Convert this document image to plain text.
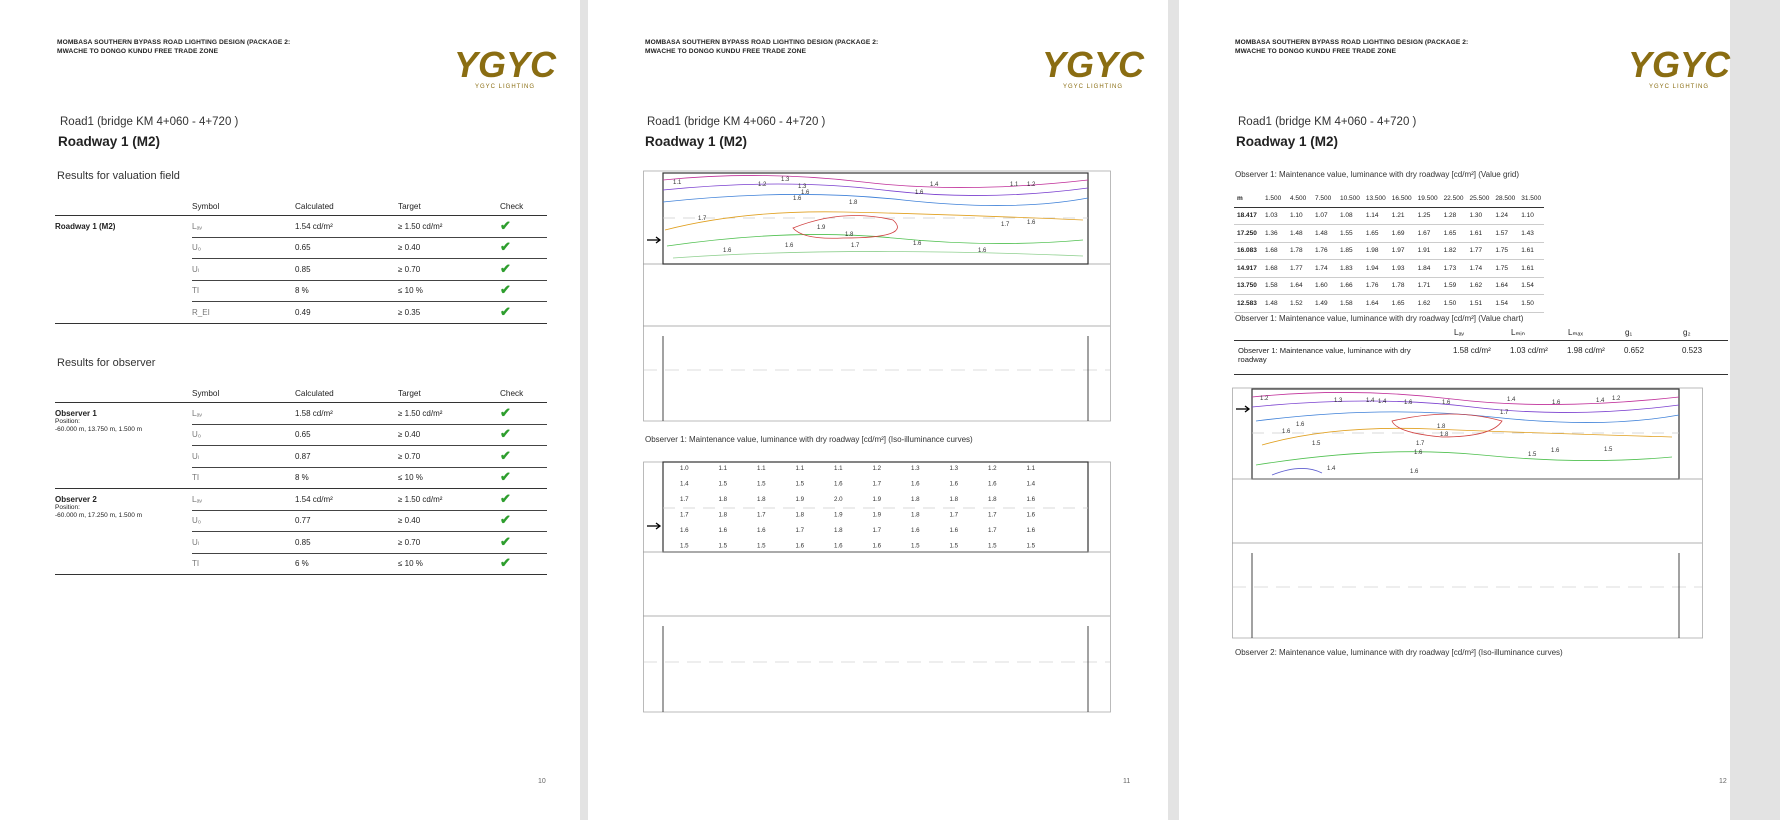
MOMBASA SOUTHERN BYPASS ROAD LIGHTING DESIGN (PACKAGE 2:
MWACHE TO DONGO KUNDU FREE TRADE ZONE	YGYC
YGYC LIGHTING
Road1 (bridge KM 4+060 - 4+720 )
Roadway 1 (M2)
Results for valuation field
	Symbol	Calculated	Target	Check
Roadway 1 (M2)	Lₐᵥ	1.54 cd/m²	≥ 1.50 cd/m²	✔
	U₀	0.65	≥ 0.40	✔
	Uₗ	0.85	≥ 0.70	✔
	TI	8 %	≤ 10 %	✔
	R_EI	0.49	≥ 0.35	✔
Results for observer
	Symbol	Calculated	Target	Check

Observer 1
Position:
-60.000 m, 13.750 m, 1.500 m	Lₐᵥ	1.58 cd/m²	≥ 1.50 cd/m²	✔
	U₀	0.65	≥ 0.40	✔
	Uₗ	0.87	≥ 0.70	✔
	TI	8 %	≤ 10 %	✔

Observer 2
Position:
-60.000 m, 17.250 m, 1.500 m	Lₐᵥ	1.54 cd/m²	≥ 1.50 cd/m²	✔
	U₀	0.77	≥ 0.40	✔
	Uₗ	0.85	≥ 0.70	✔
	TI	6 %	≤ 10 %	✔
10
MOMBASA SOUTHERN BYPASS ROAD LIGHTING DESIGN (PACKAGE 2:
MWACHE TO DONGO KUNDU FREE TRADE ZONE	YGYC
YGYC LIGHTING
Road1 (bridge KM 4+060 - 4+720 )
Roadway 1 (M2)
1.1	1.2
1.3
1.3	1.4
1.6
1.6
1.1 1.2
1.6
1.8
1.7
1.9
1.8
1.6
1.7
1.7
1.6
1.6	1.6
1.6
Observer 1: Maintenance value, luminance with dry roadway [cd/m²] (Iso-illuminance curves)
1.0	1.1	1.1	1.1	1.1	1.2	1.3	1.3	1.2	1.1
1.4	1.5	1.5	1.5	1.6	1.7	1.6	1.6	1.6	1.4
1.7	1.8	1.8	1.9	2.0	1.9	1.8	1.8	1.8	1.6
1.7	1.8	1.7	1.8	1.9	1.9	1.8	1.7	1.7	1.6
1.6	1.6	1.6	1.7	1.8	1.7	1.6	1.6	1.7	1.6
1.5	1.5	1.5	1.6	1.6	1.6	1.5	1.5	1.5	1.5
11
MOMBASA SOUTHERN BYPASS ROAD LIGHTING DESIGN (PACKAGE 2:
MWACHE TO DONGO KUNDU FREE TRADE ZONE	YGYC
YGYC LIGHTING
Road1 (bridge KM 4+060 - 4+720 )
Roadway 1 (M2)
Observer 1: Maintenance value, luminance with dry roadway [cd/m²] (Value grid)
m	1.500	4.500	7.500	10.500	13.500	16.500	19.500	22.500	25.500	28.500	31.500
18.417	1.03	1.10	1.07	1.08	1.14	1.21	1.25	1.28	1.30	1.24	1.10
17.250	1.36	1.48	1.48	1.55	1.65	1.69	1.67	1.65	1.61	1.57	1.43
16.083	1.68	1.78	1.76	1.85	1.98	1.97	1.91	1.82	1.77	1.75	1.61
14.917	1.68	1.77	1.74	1.83	1.94	1.93	1.84	1.73	1.74	1.75	1.61
13.750	1.58	1.64	1.60	1.66	1.76	1.78	1.71	1.59	1.62	1.64	1.54
12.583	1.48	1.52	1.49	1.58	1.64	1.65	1.62	1.50	1.51	1.54	1.50
Observer 1: Maintenance value, luminance with dry roadway [cd/m²] (Value chart)
	Lₐᵥ	Lₘᵢₙ	Lₘₐₓ	g₁	g₂
Observer 1: Maintenance value, luminance with dry roadway	1.58 cd/m²	1.03 cd/m²	1.98 cd/m²	0.652	0.523
1.2	1.3	1.4 1.4	1.6	1.6	1.4	1.6	1.4 1.2
1.7
1.6
1.6
1.8
1.5
1.8
1.7
1.6	1.6
1.5
1.5
1.4	1.6
Observer 2: Maintenance value, luminance with dry roadway [cd/m²] (Iso-illuminance curves)
12
